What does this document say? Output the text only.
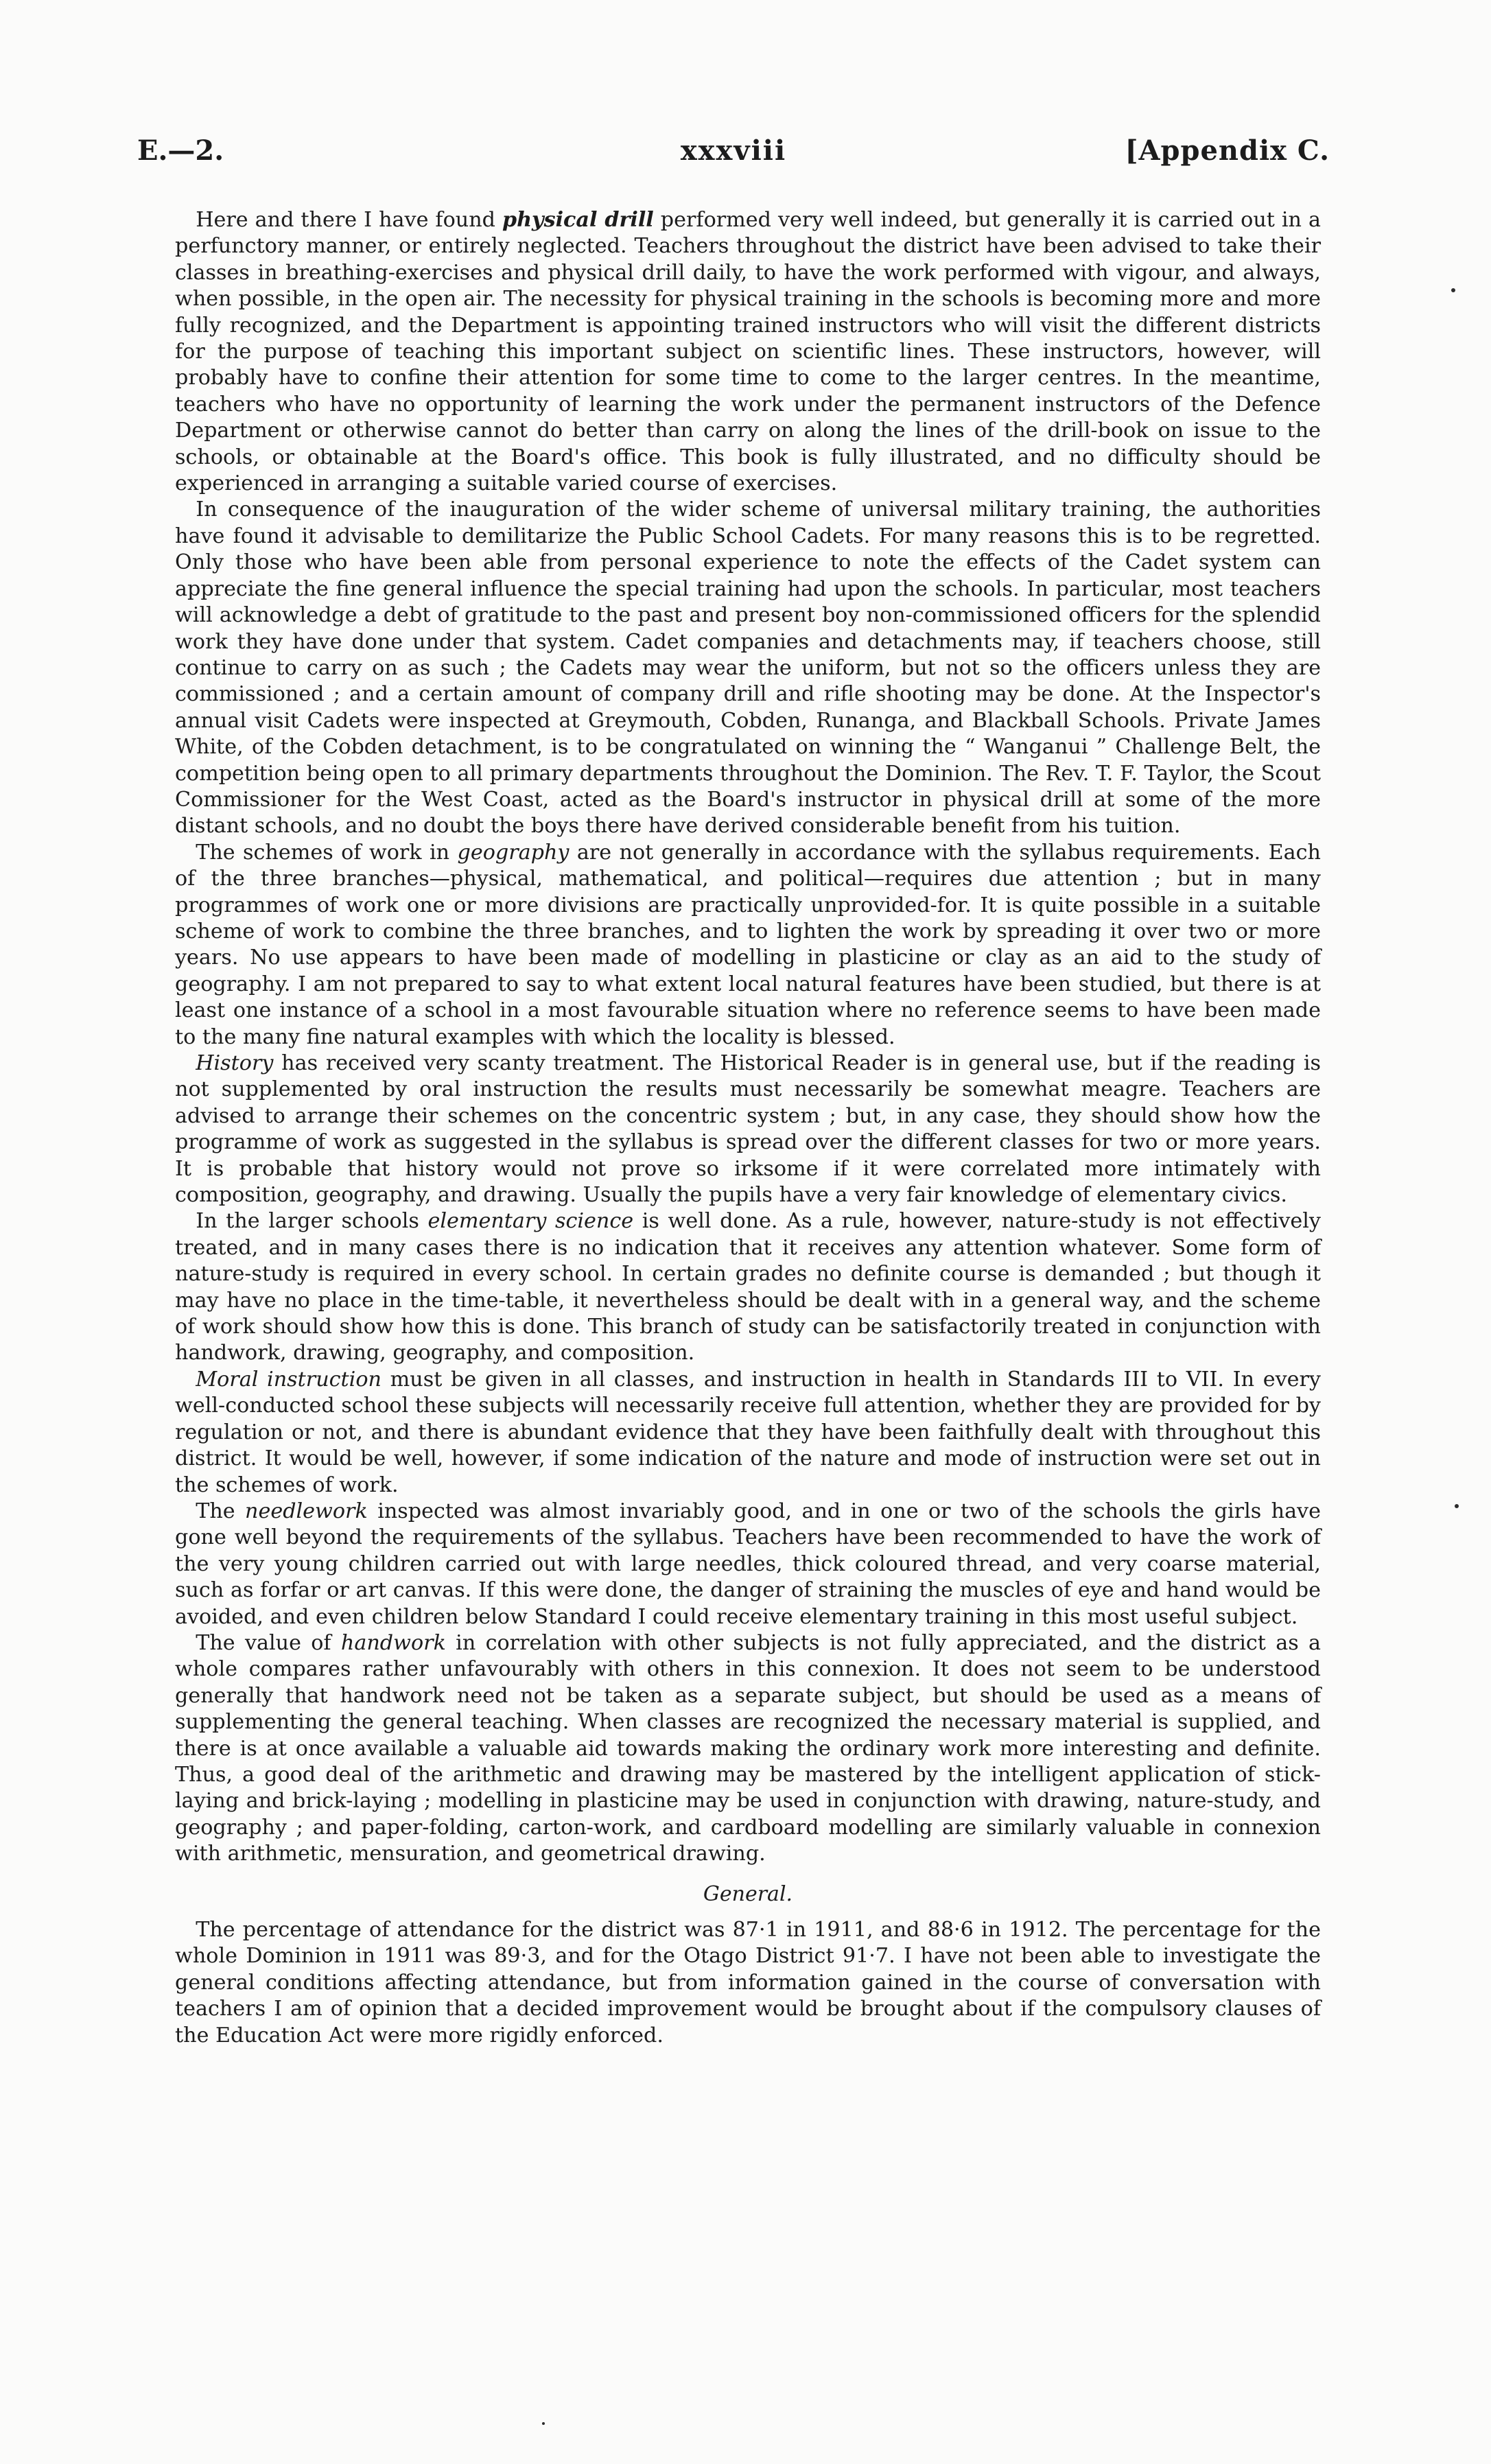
E.—2.	xxxviii	[Appendix C.

 Here and there I have found physical drill performed very well indeed, but generally it is carried out in a perfunctory manner, or entirely neglected. Teachers throughout the district have been advised to take their classes in breathing-exercises and physical drill daily, to have the work performed with vigour, and always, when possible, in the open air. The necessity for physical training in the schools is becoming more and more fully recognized, and the Department is appointing trained instructors who will visit the different districts for the purpose of teaching this important subject on scientific lines. These instructors, however, will probably have to confine their attention for some time to come to the larger centres. In the meantime, teachers who have no opportunity of learning the work under the permanent instructors of the Defence Department or otherwise cannot do better than carry on along the lines of the drill-book on issue to the schools, or obtainable at the Board's office. This book is fully illustrated, and no difficulty should be experienced in arranging a suitable varied course of exercises.

 In consequence of the inauguration of the wider scheme of universal military training, the authorities have found it advisable to demilitarize the Public School Cadets. For many reasons this is to be regretted. Only those who have been able from personal experience to note the effects of the Cadet system can appreciate the fine general influence the special training had upon the schools. In particular, most teachers will acknowledge a debt of gratitude to the past and present boy non-commissioned officers for the splendid work they have done under that system. Cadet companies and detachments may, if teachers choose, still continue to carry on as such ; the Cadets may wear the uniform, but not so the officers unless they are commissioned ; and a certain amount of company drill and rifle shooting may be done. At the Inspector's annual visit Cadets were inspected at Greymouth, Cobden, Runanga, and Blackball Schools. Private James White, of the Cobden detachment, is to be congratulated on winning the “ Wanganui ” Challenge Belt, the competition being open to all primary departments throughout the Dominion. The Rev. T. F. Taylor, the Scout Commissioner for the West Coast, acted as the Board's instructor in physical drill at some of the more distant schools, and no doubt the boys there have derived considerable benefit from his tuition.

 The schemes of work in geography are not generally in accordance with the syllabus requirements. Each of the three branches—physical, mathematical, and political—requires due attention ; but in many programmes of work one or more divisions are practically unprovided-for. It is quite possible in a suitable scheme of work to combine the three branches, and to lighten the work by spreading it over two or more years. No use appears to have been made of modelling in plasticine or clay as an aid to the study of geography. I am not prepared to say to what extent local natural features have been studied, but there is at least one instance of a school in a most favourable situation where no reference seems to have been made to the many fine natural examples with which the locality is blessed.

 History has received very scanty treatment. The Historical Reader is in general use, but if the reading is not supplemented by oral instruction the results must necessarily be somewhat meagre. Teachers are advised to arrange their schemes on the concentric system ; but, in any case, they should show how the programme of work as suggested in the syllabus is spread over the different classes for two or more years. It is probable that history would not prove so irksome if it were correlated more intimately with composition, geography, and drawing. Usually the pupils have a very fair knowledge of elementary civics.

 In the larger schools elementary science is well done. As a rule, however, nature-study is not effectively treated, and in many cases there is no indication that it receives any attention whatever. Some form of nature-study is required in every school. In certain grades no definite course is demanded ; but though it may have no place in the time-table, it nevertheless should be dealt with in a general way, and the scheme of work should show how this is done. This branch of study can be satisfactorily treated in conjunction with handwork, drawing, geography, and composition.

 Moral instruction must be given in all classes, and instruction in health in Standards III to VII. In every well-conducted school these subjects will necessarily receive full attention, whether they are provided for by regulation or not, and there is abundant evidence that they have been faithfully dealt with throughout this district. It would be well, however, if some indication of the nature and mode of instruction were set out in the schemes of work.

 The needlework inspected was almost invariably good, and in one or two of the schools the girls have gone well beyond the requirements of the syllabus. Teachers have been recommended to have the work of the very young children carried out with large needles, thick coloured thread, and very coarse material, such as forfar or art canvas. If this were done, the danger of straining the muscles of eye and hand would be avoided, and even children below Standard I could receive elementary training in this most useful subject.

 The value of handwork in correlation with other subjects is not fully appreciated, and the district as a whole compares rather unfavourably with others in this connexion. It does not seem to be understood generally that handwork need not be taken as a separate subject, but should be used as a means of supplementing the general teaching. When classes are recognized the necessary material is supplied, and there is at once available a valuable aid towards making the ordinary work more interesting and definite. Thus, a good deal of the arithmetic and drawing may be mastered by the intelligent application of stick-laying and brick-laying ; modelling in plasticine may be used in conjunction with drawing, nature-study, and geography ; and paper-folding, carton-work, and cardboard modelling are similarly valuable in connexion with arithmetic, mensuration, and geometrical drawing.

General.

 The percentage of attendance for the district was 87·1 in 1911, and 88·6 in 1912. The percentage for the whole Dominion in 1911 was 89·3, and for the Otago District 91·7. I have not been able to investigate the general conditions affecting attendance, but from information gained in the course of conversation with teachers I am of opinion that a decided improvement would be brought about if the compulsory clauses of the Education Act were more rigidly enforced.
